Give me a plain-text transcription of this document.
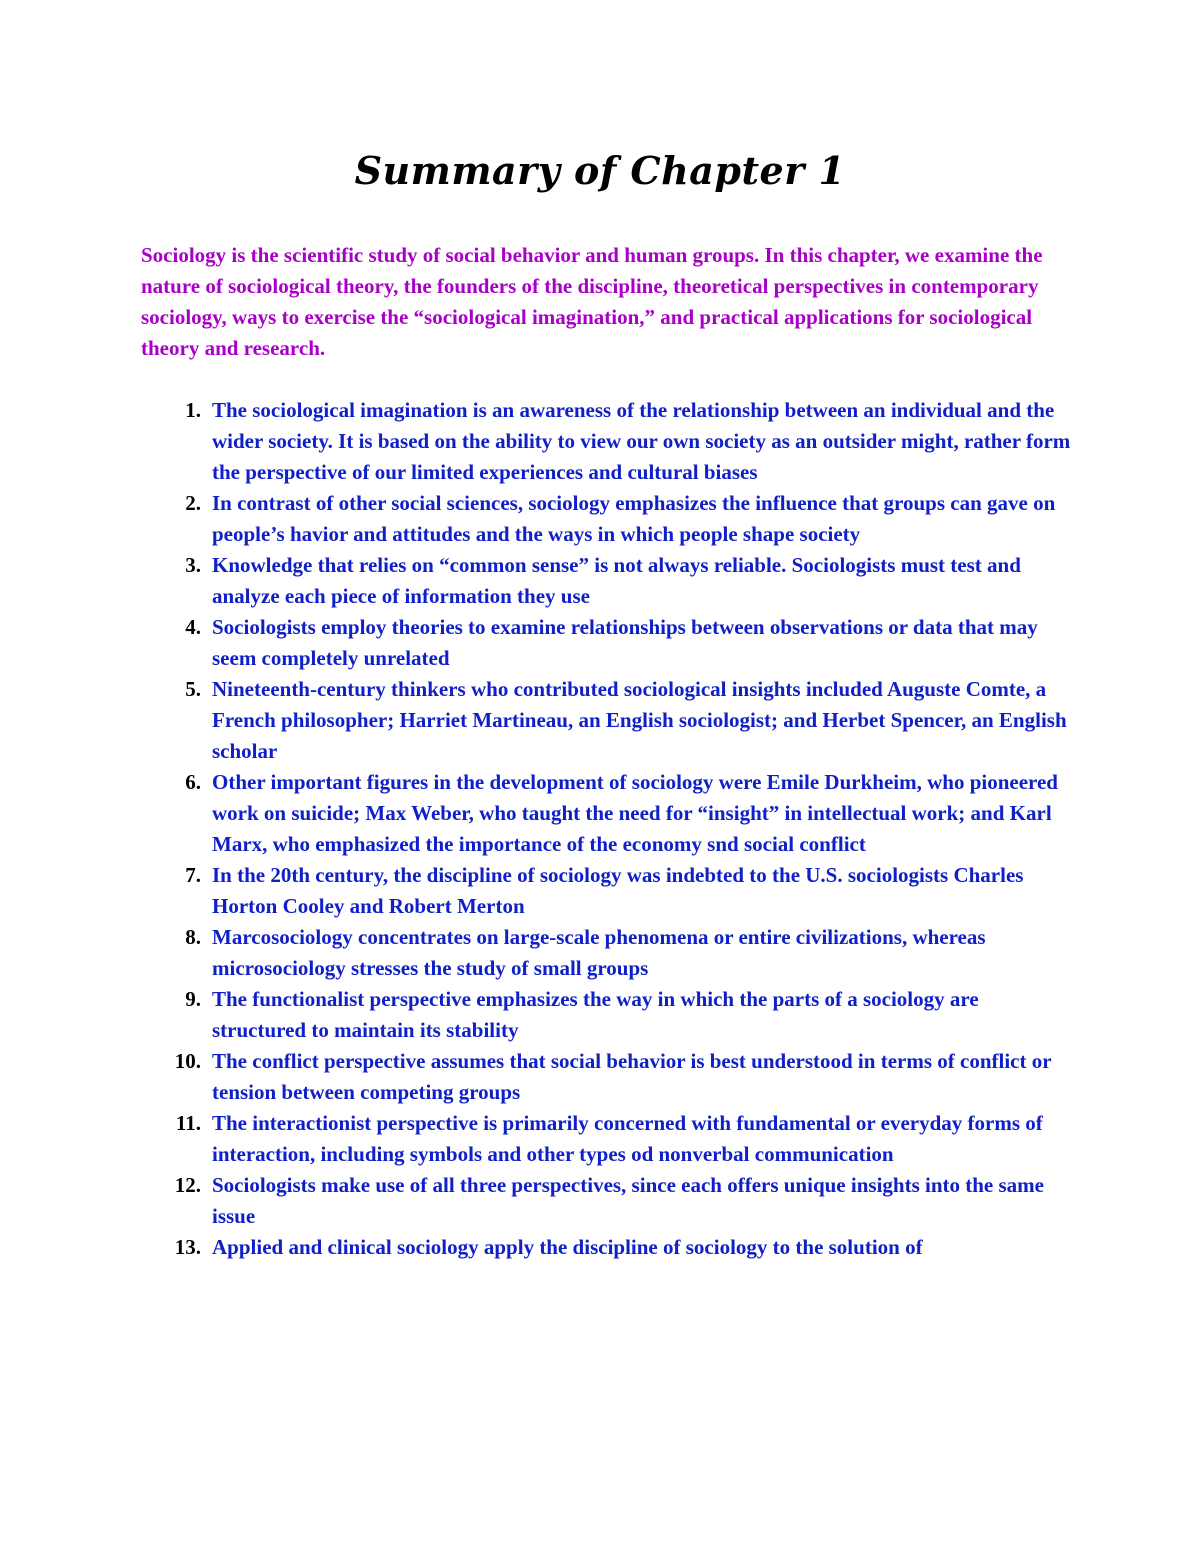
Summary of Chapter 1

Sociology is the scientific study of social behavior and human groups. In this chapter, we examine the nature of sociological theory, the founders of the discipline, theoretical perspectives in contemporary sociology, ways to exercise the “sociological imagination,” and practical applications for sociological theory and research.

1. The sociological imagination is an awareness of the relationship between an individual and the wider society. It is based on the ability to view our own society as an outsider might, rather form the perspective of our limited experiences and cultural biases
2. In contrast of other social sciences, sociology emphasizes the influence that groups can gave on people’s havior and attitudes and the ways in which people shape society
3. Knowledge that relies on “common sense” is not always reliable. Sociologists must test and analyze each piece of information they use
4. Sociologists employ theories to examine relationships between observations or data that may seem completely unrelated
5. Nineteenth-century thinkers who contributed sociological insights included Auguste Comte, a French philosopher; Harriet Martineau, an English sociologist; and Herbet Spencer, an English scholar
6. Other important figures in the development of sociology were Emile Durkheim, who pioneered work on suicide; Max Weber, who taught the need for “insight” in intellectual work; and Karl Marx, who emphasized the importance of the economy snd social conflict
7. In the 20th century, the discipline of sociology was indebted to the U.S. sociologists Charles Horton Cooley and Robert Merton
8. Marcosociology concentrates on large-scale phenomena or entire civilizations, whereas microsociology stresses the study of small groups
9. The functionalist perspective emphasizes the way in which the parts of a sociology are structured to maintain its stability
10. The conflict perspective assumes that social behavior is best understood in terms of conflict or tension between competing groups
11. The interactionist perspective is primarily concerned with fundamental or everyday forms of interaction, including symbols and other types od nonverbal communication
12. Sociologists make use of all three perspectives, since each offers unique insights into the same issue
13. Applied and clinical sociology apply the discipline of sociology to the solution of
